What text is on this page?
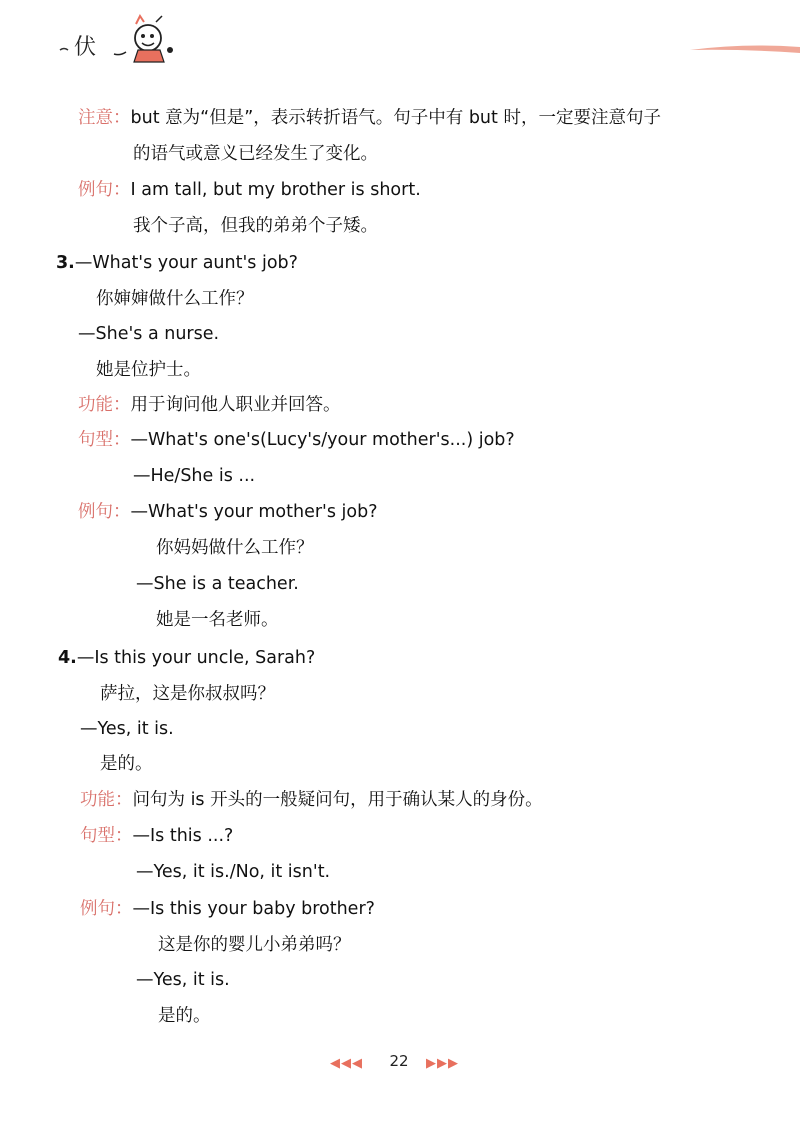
伏
注意：but 意为“但是”，表示转折语气。句子中有 but 时，一定要注意句子
的语气或意义已经发生了变化。
例句：I am tall, but my brother is short.
我个子高，但我的弟弟个子矮。
3.—What's your aunt's job?
你婶婶做什么工作？
—She's a nurse.
她是位护士。
功能：用于询问他人职业并回答。
句型：—What's one's(Lucy's/your mother's...) job?
—He/She is ...
例句：—What's your mother's job?
你妈妈做什么工作？
—She is a teacher.
她是一名老师。
4.—Is this your uncle, Sarah?
萨拉，这是你叔叔吗？
—Yes, it is.
是的。
功能：问句为 is 开头的一般疑问句，用于确认某人的身份。
句型：—Is this ...?
—Yes, it is./No, it isn't.
例句：—Is this your baby brother?
这是你的婴儿小弟弟吗？
—Yes, it is.
是的。
◀◀◀	22	▶▶▶
